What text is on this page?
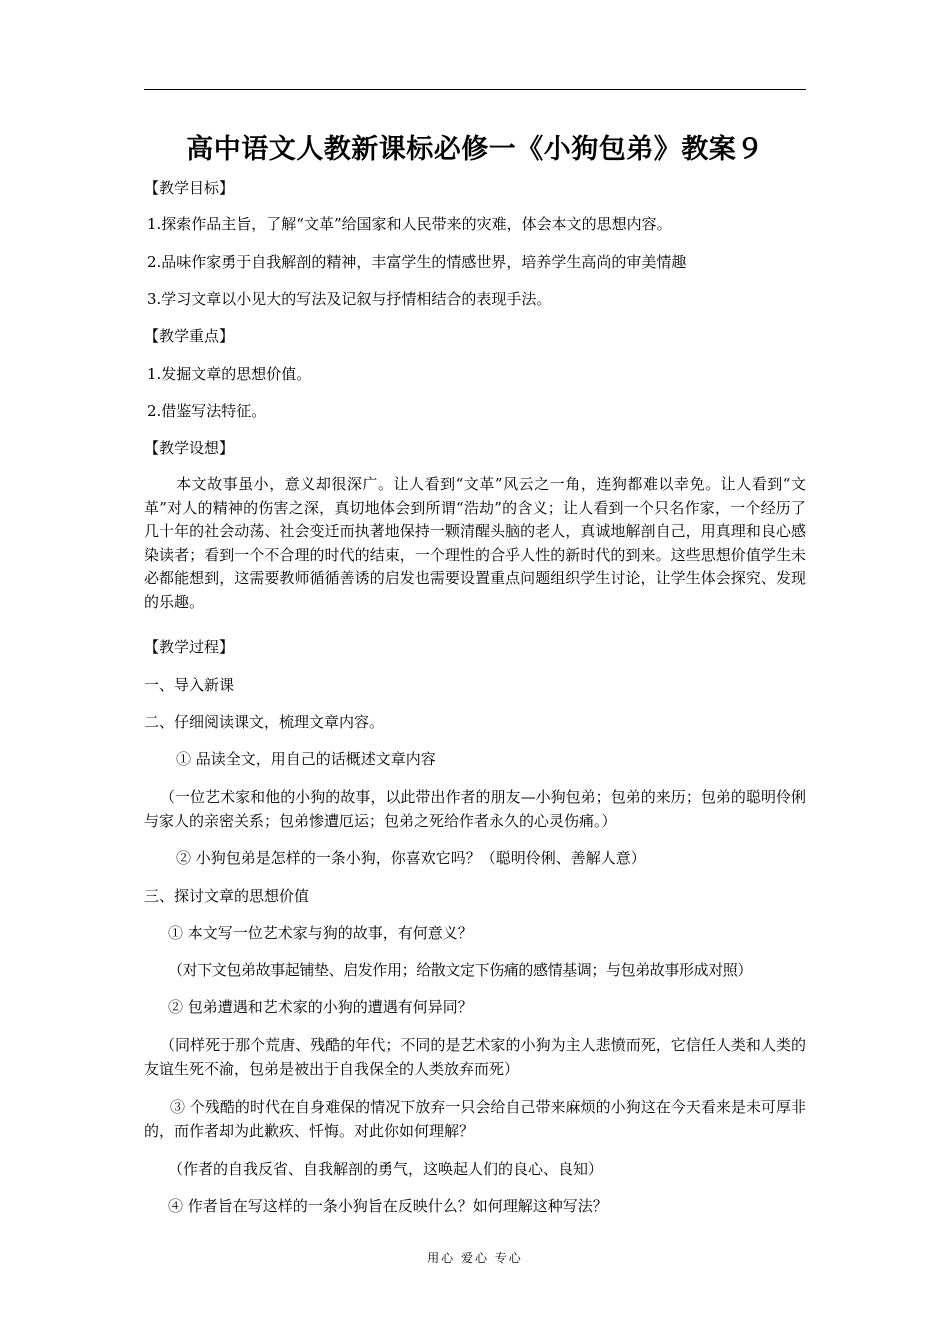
高中语文人教新课标必修一《小狗包弟》教案９
【教学目标】
1.探索作品主旨，了解“文革”给国家和人民带来的灾难，体会本文的思想内容。
2.品味作家勇于自我解剖的精神，丰富学生的情感世界，培养学生高尚的审美情趣
3.学习文章以小见大的写法及记叙与抒情相结合的表现手法。
【教学重点】
1.发掘文章的思想价值。
2.借鉴写法特征。
【教学设想】

本文故事虽小，意义却很深广。让人看到“文革”风云之一角，连狗都难以幸免。让人看到“文革”对人的精神的伤害之深，真切地体会到所谓“浩劫”的含义；让人看到一个只名作家，一个经历了 几十年的社会动荡、社会变迁而执著地保持一颗清醒头脑的老人，真诚地解剖自己，用真理和良心感染读者；看到一个不合理的时代的结束，一个理性的合乎人性的新时代的到来。这些思想价值学生未必都能想到，这需要教师循循善诱的启发也需要设置重点问题组织学生讨论，让学生体会探究、发现的乐趣。

【教学过程】
一、导入新课
二、仔细阅读课文，梳理文章内容。
① 品读全文，用自己的话概述文章内容

（一位艺术家和他的小狗的故事，以此带出作者的朋友—小狗包弟；包弟的来历；包弟的聪明伶俐与家人的亲密关系；包弟惨遭厄运；包弟之死给作者永久的心灵伤痛。）

② 小狗包弟是怎样的一条小狗，你喜欢它吗？（聪明伶俐、善解人意）
三、探讨文章的思想价值
① 本文写一位艺术家与狗的故事，有何意义？
（对下文包弟故事起铺垫、启发作用；给散文定下伤痛的感情基调；与包弟故事形成对照）
② 包弟遭遇和艺术家的小狗的遭遇有何异同？

（同样死于那个荒唐、残酷的年代；不同的是艺术家的小狗为主人悲愤而死，它信任人类和人类的友谊生死不渝，包弟是被出于自我保全的人类放弃而死）

③ 个残酷的时代在自身难保的情况下放弃一只会给自己带来麻烦的小狗这在今天看来是未可厚非的，而作者却为此歉疚、忏悔。对此你如何理解？

（作者的自我反省、自我解剖的勇气，这唤起人们的良心、良知）
④ 作者旨在写这样的一条小狗旨在反映什么？如何理解这种写法？
用心 爱心 专心
